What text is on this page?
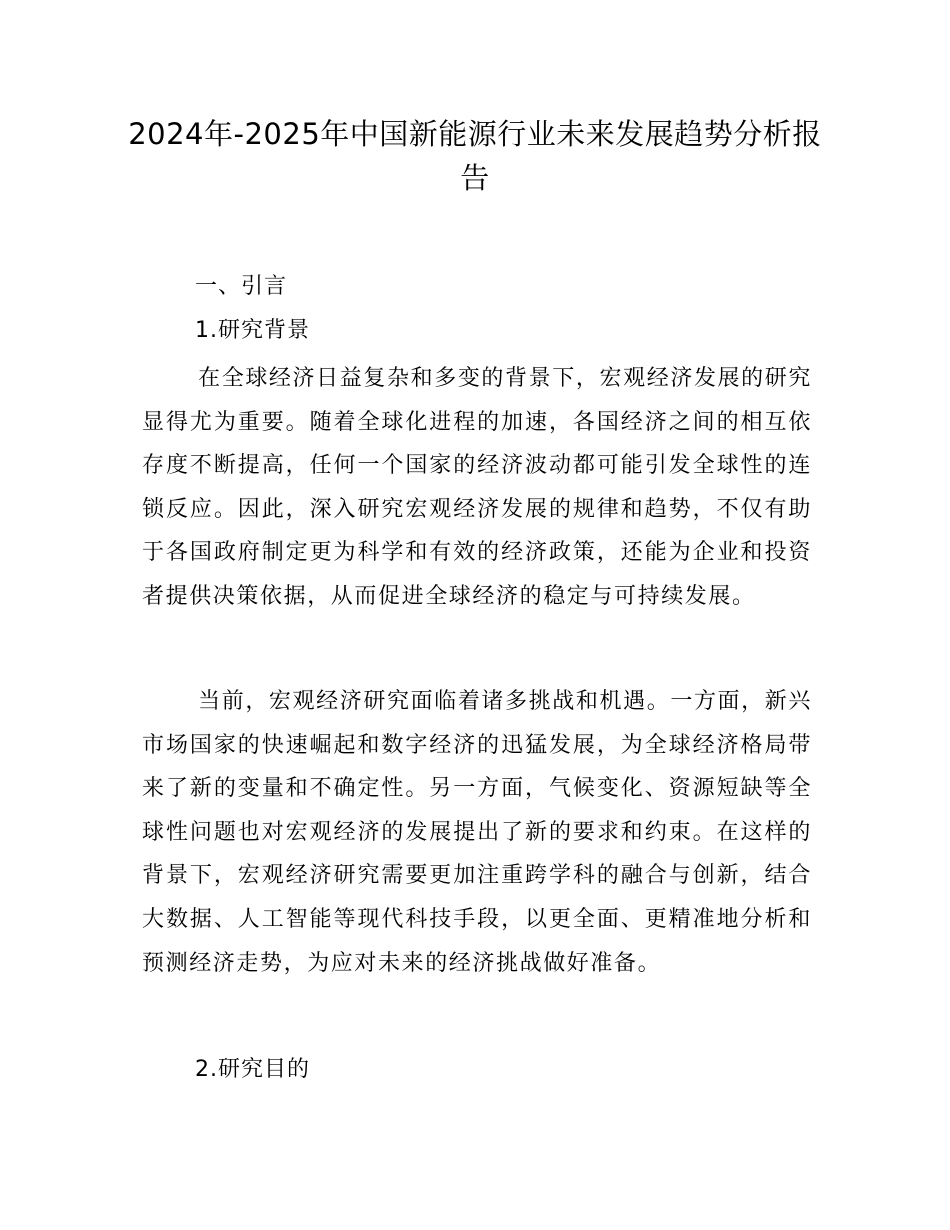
2024年-2025年中国新能源行业未来发展趋势分析报告
一、引言
1.研究背景

在全球经济日益复杂和多变的背景下，宏观经济发展的研究显得尤为重要。随着全球化进程的加速，各国经济之间的相互依存度不断提高，任何一个国家的经济波动都可能引发全球性的连锁反应。因此，深入研究宏观经济发展的规律和趋势，不仅有助于各国政府制定更为科学和有效的经济政策，还能为企业和投资者提供决策依据，从而促进全球经济的稳定与可持续发展。

当前，宏观经济研究面临着诸多挑战和机遇。一方面，新兴市场国家的快速崛起和数字经济的迅猛发展，为全球经济格局带来了新的变量和不确定性。另一方面，气候变化、资源短缺等全球性问题也对宏观经济的发展提出了新的要求和约束。在这样的背景下，宏观经济研究需要更加注重跨学科的融合与创新，结合大数据、人工智能等现代科技手段，以更全面、更精准地分析和预测经济走势，为应对未来的经济挑战做好准备。

2.研究目的
